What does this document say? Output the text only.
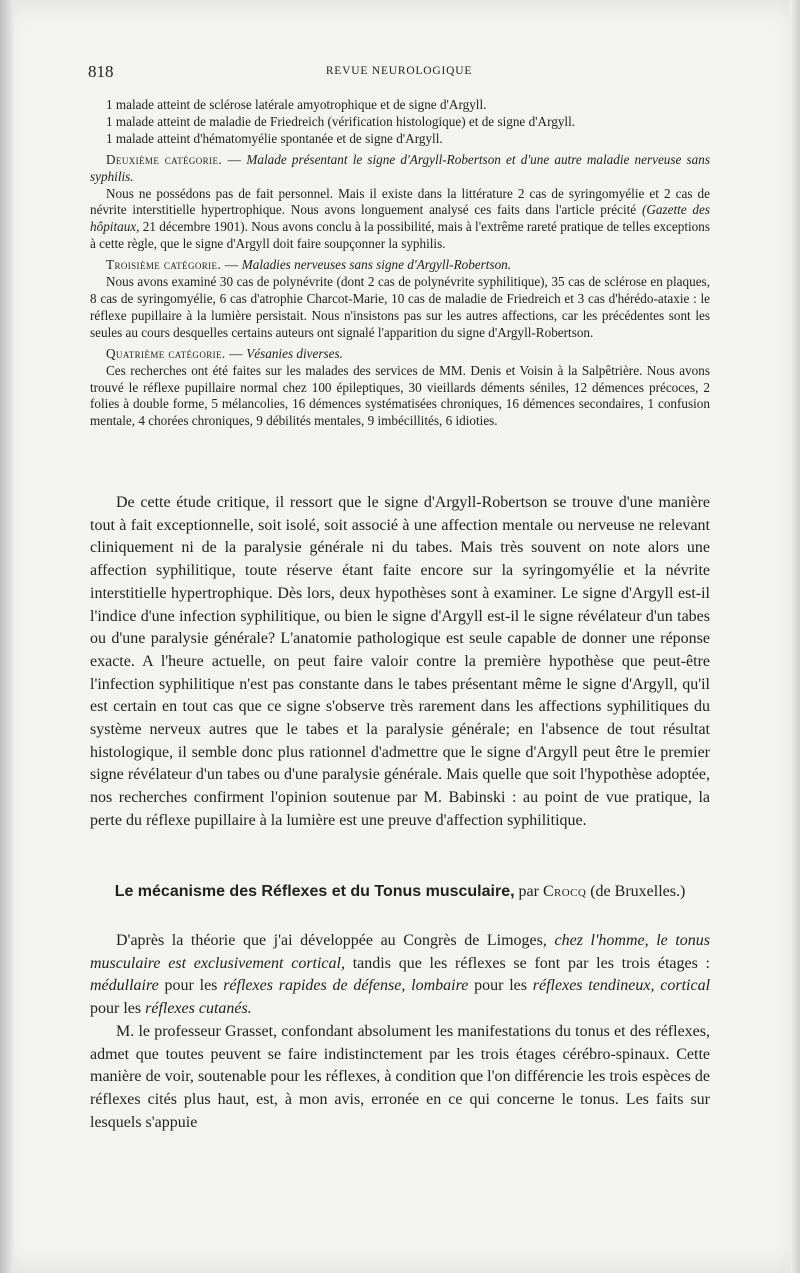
818	REVUE NEUROLOGIQUE

1 malade atteint de sclérose latérale amyotrophique et de signe d'Argyll.

1 malade atteint de maladie de Friedreich (vérification histologique) et de signe d'Argyll.

1 malade atteint d'hématomyélie spontanée et de signe d'Argyll.

Deuxième catégorie. — Malade présentant le signe d'Argyll-Robertson et d'une autre maladie nerveuse sans syphilis.

Nous ne possédons pas de fait personnel. Mais il existe dans la littérature 2 cas de syringomyélie et 2 cas de névrite interstitielle hypertrophique. Nous avons longuement analysé ces faits dans l'article précité (Gazette des hôpitaux, 21 décembre 1901). Nous avons conclu à la possibilité, mais à l'extrême rareté pratique de telles exceptions à cette règle, que le signe d'Argyll doit faire soupçonner la syphilis.

Troisième catégorie. — Maladies nerveuses sans signe d'Argyll-Robertson.

Nous avons examiné 30 cas de polynévrite (dont 2 cas de polynévrite syphilitique), 35 cas de sclérose en plaques, 8 cas de syringomyélie, 6 cas d'atrophie Charcot-Marie, 10 cas de maladie de Friedreich et 3 cas d'hérédo-ataxie : le réflexe pupillaire à la lumière persistait. Nous n'insistons pas sur les autres affections, car les précédentes sont les seules au cours desquelles certains auteurs ont signalé l'apparition du signe d'Argyll-Robertson.

Quatrième catégorie. — Vésanies diverses.

Ces recherches ont été faites sur les malades des services de MM. Denis et Voisin à la Salpêtrière. Nous avons trouvé le réflexe pupillaire normal chez 100 épileptiques, 30 vieillards déments séniles, 12 démences précoces, 2 folies à double forme, 5 mélancolies, 16 démences systématisées chroniques, 16 démences secondaires, 1 confusion mentale, 4 chorées chroniques, 9 débilités mentales, 9 imbécillités, 6 idioties.

De cette étude critique, il ressort que le signe d'Argyll-Robertson se trouve d'une manière tout à fait exceptionnelle, soit isolé, soit associé à une affection mentale ou nerveuse ne relevant cliniquement ni de la paralysie générale ni du tabes. Mais très souvent on note alors une affection syphilitique, toute réserve étant faite encore sur la syringomyélie et la névrite interstitielle hypertrophique. Dès lors, deux hypothèses sont à examiner. Le signe d'Argyll est-il l'indice d'une infection syphilitique, ou bien le signe d'Argyll est-il le signe révélateur d'un tabes ou d'une paralysie générale? L'anatomie pathologique est seule capable de donner une réponse exacte. A l'heure actuelle, on peut faire valoir contre la première hypothèse que peut-être l'infection syphilitique n'est pas constante dans le tabes présentant même le signe d'Argyll, qu'il est certain en tout cas que ce signe s'observe très rarement dans les affections syphilitiques du système nerveux autres que le tabes et la paralysie générale; en l'absence de tout résultat histologique, il semble donc plus rationnel d'admettre que le signe d'Argyll peut être le premier signe révélateur d'un tabes ou d'une paralysie générale. Mais quelle que soit l'hypothèse adoptée, nos recherches confirment l'opinion soutenue par M. Babinski : au point de vue pratique, la perte du réflexe pupillaire à la lumière est une preuve d'affection syphilitique.

Le mécanisme des Réflexes et du Tonus musculaire, par Crocq (de Bruxelles.)

D'après la théorie que j'ai développée au Congrès de Limoges, chez l'homme, le tonus musculaire est exclusivement cortical, tandis que les réflexes se font par les trois étages : médullaire pour les réflexes rapides de défense, lombaire pour les réflexes tendineux, cortical pour les réflexes cutanés.

M. le professeur Grasset, confondant absolument les manifestations du tonus et des réflexes, admet que toutes peuvent se faire indistinctement par les trois étages cérébro-spinaux. Cette manière de voir, soutenable pour les réflexes, à condition que l'on différencie les trois espèces de réflexes cités plus haut, est, à mon avis, erronée en ce qui concerne le tonus. Les faits sur lesquels s'appuie
